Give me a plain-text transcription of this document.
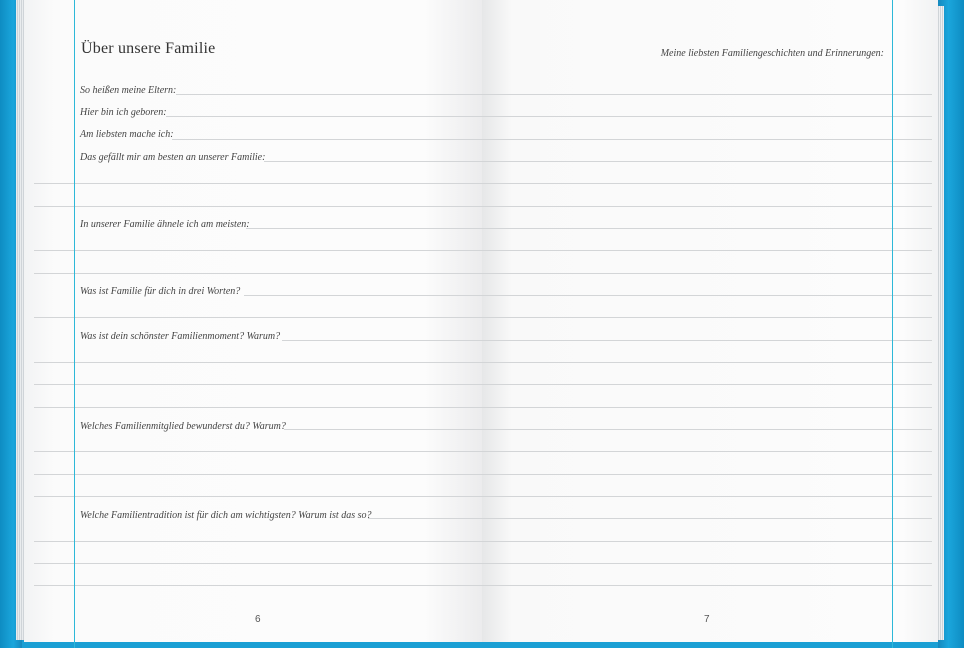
Über unsere Familie	Meine liebsten Familiengeschichten und Erinnerungen:
So heißen meine Eltern:
Hier bin ich geboren:
Am liebsten mache ich:
Das gefällt mir am besten an unserer Familie:
In unserer Familie ähnele ich am meisten:
Was ist Familie für dich in drei Worten?
Was ist dein schönster Familienmoment? Warum?
Welches Familienmitglied bewunderst du? Warum?
Welche Familientradition ist für dich am wichtigsten? Warum ist das so?
6	7
